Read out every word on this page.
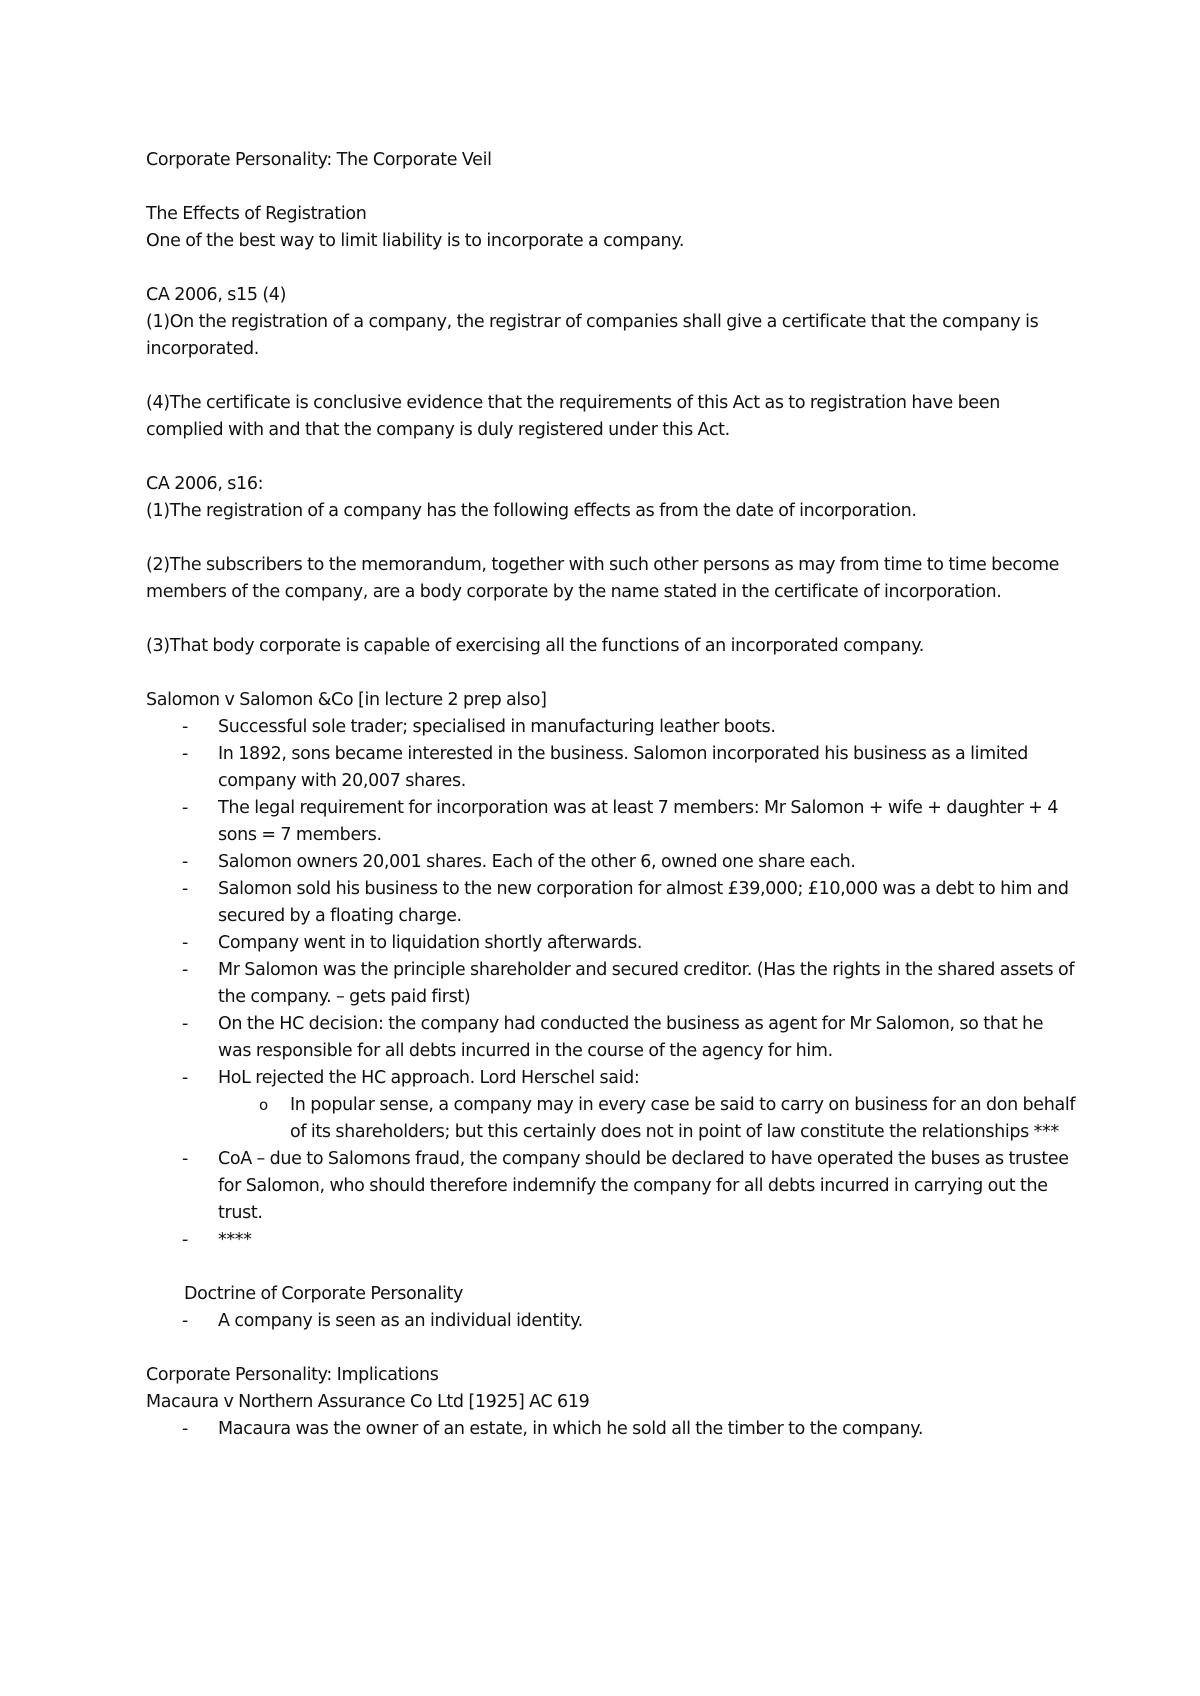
Corporate Personality: The Corporate Veil

The Effects of Registration

One of the best way to limit liability is to incorporate a company.

CA 2006, s15 (4)

(1)On the registration of a company, the registrar of companies shall give a certificate that the company is incorporated.

(4)The certificate is conclusive evidence that the requirements of this Act as to registration have been complied with and that the company is duly registered under this Act.

CA 2006, s16:

(1)The registration of a company has the following effects as from the date of incorporation.

(2)The subscribers to the memorandum, together with such other persons as may from time to time become members of the company, are a body corporate by the name stated in the certificate of incorporation.

(3)That body corporate is capable of exercising all the functions of an incorporated company.

Salomon v Salomon &Co [in lecture 2 prep also]

- Successful sole trader; specialised in manufacturing leather boots.
- In 1892, sons became interested in the business. Salomon incorporated his business as a limited company with 20,007 shares.
- The legal requirement for incorporation was at least 7 members: Mr Salomon + wife + daughter + 4 sons = 7 members.
- Salomon owners 20,001 shares. Each of the other 6, owned one share each.
- Salomon sold his business to the new corporation for almost £39,000; £10,000 was a debt to him and secured by a floating charge.
- Company went in to liquidation shortly afterwards.
- Mr Salomon was the principle shareholder and secured creditor. (Has the rights in the shared assets of the company. – gets paid first)
- On the HC decision: the company had conducted the business as agent for Mr Salomon, so that he was responsible for all debts incurred in the course of the agency for him.
- HoL rejected the HC approach. Lord Herschel said:
o In popular sense, a company may in every case be said to carry on business for an don behalf of its shareholders; but this certainly does not in point of law constitute the relationships ***
- CoA – due to Salomons fraud, the company should be declared to have operated the buses as trustee for Salomon, who should therefore indemnify the company for all debts incurred in carrying out the trust.
- ****

Doctrine of Corporate Personality

- A company is seen as an individual identity.

Corporate Personality: Implications

Macaura v Northern Assurance Co Ltd [1925] AC 619

- Macaura was the owner of an estate, in which he sold all the timber to the company.
